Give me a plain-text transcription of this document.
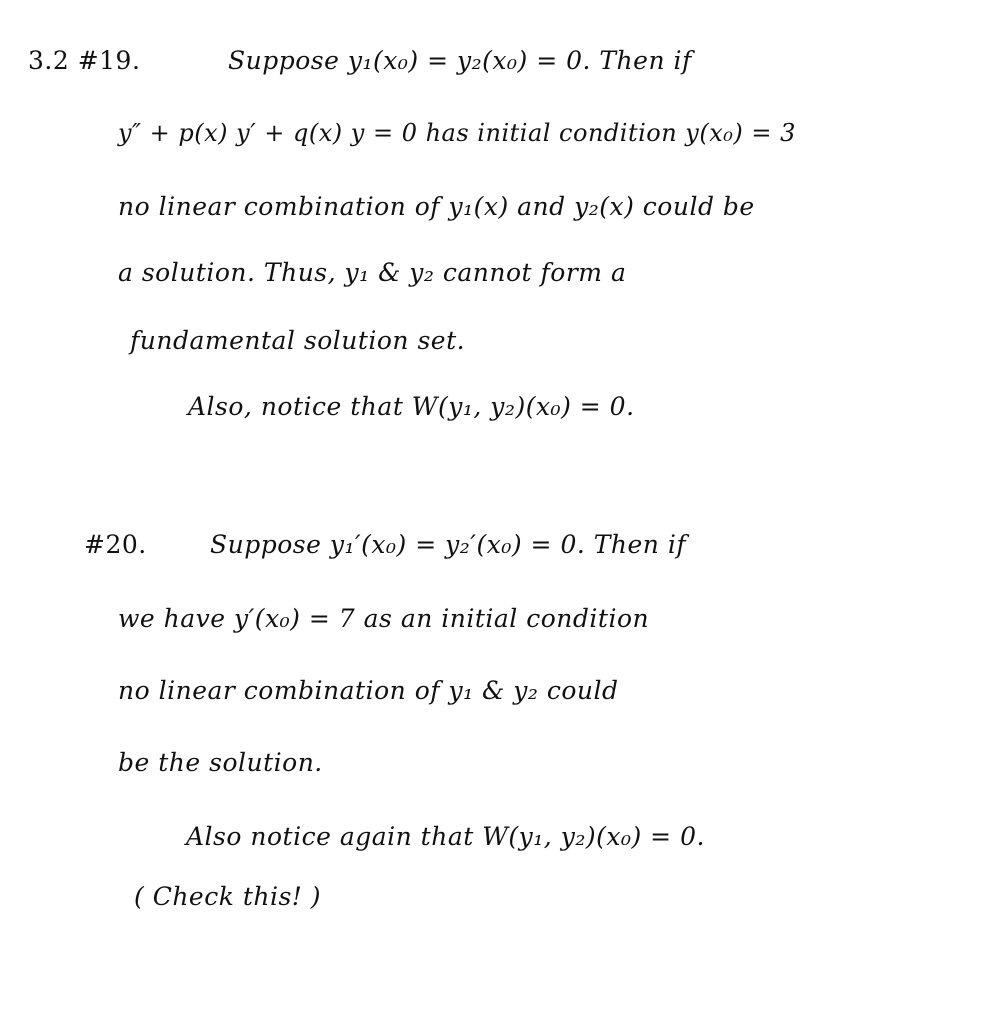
3.2 #19.	Suppose y₁(x₀) = y₂(x₀) = 0. Then if
y″ + p(x) y′ + q(x) y = 0 has initial condition y(x₀) = 3
no linear combination of y₁(x) and y₂(x) could be
a solution. Thus, y₁ & y₂ cannot form a
fundamental solution set.
Also, notice that W(y₁, y₂)(x₀) = 0.
#20.	Suppose y₁′(x₀) = y₂′(x₀) = 0. Then if
we have y′(x₀) = 7 as an initial condition
no linear combination of y₁ & y₂ could
be the solution.
Also notice again that W(y₁, y₂)(x₀) = 0.
( Check this! )
